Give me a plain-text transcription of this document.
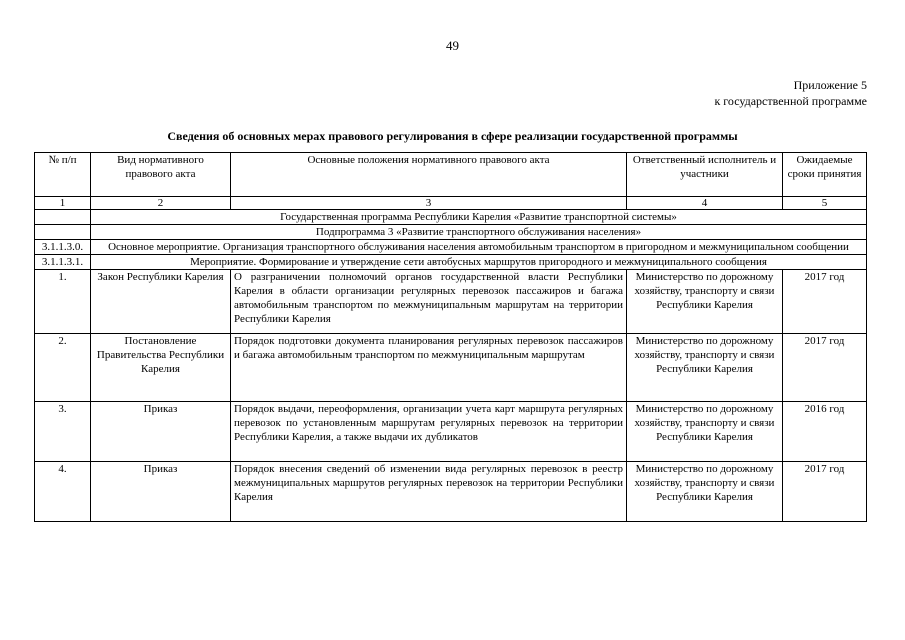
49
Приложение 5
к государственной программе
Сведения об основных мерах правового регулирования в сфере реализации государственной программы
№ п/п	Вид нормативного правового акта	Основные положения нормативного правового акта	Ответственный исполнитель и участники	Ожидаемые сроки принятия
1	2	3	4	5
	Государственная программа Республики Карелия «Развитие транспортной системы»			
	Подпрограмма 3 «Развитие транспортного обслуживания населения»			
3.1.1.3.0.	Основное мероприятие. Организация транспортного обслуживания населения автомобильным транспортом в пригородном и межмуниципальном сообщении			
3.1.1.3.1.	Мероприятие. Формирование и утверждение сети автобусных маршрутов пригородного и межмуниципального сообщения			
1.	Закон Республики Карелия	О разграничении полномочий органов государственной власти Республики Карелия в области организации регулярных перевозок пассажиров и багажа автомобильным транспортом по межмуниципальным маршрутам на территории Республики Карелия	Министерство по дорожному хозяйству, транспорту и связи Республики Карелия	2017 год
2.	Постановление Правительства Республики Карелия	Порядок подготовки документа планирования регулярных перевозок пассажиров и багажа автомобильным транспортом по межмуниципальным маршрутам	Министерство по дорожному хозяйству, транспорту и связи Республики Карелия	2017 год
3.	Приказ	Порядок выдачи, переоформления, организации учета карт маршрута регулярных перевозок по установленным маршрутам регулярных перевозок на территории Республики Карелия, а также выдачи их дубликатов	Министерство по дорожному хозяйству, транспорту и связи Республики Карелия	2016 год
4.	Приказ	Порядок внесения сведений об изменении вида регулярных перевозок в реестр межмуниципальных маршрутов регулярных перевозок на территории Республики Карелия	Министерство по дорожному хозяйству, транспорту и связи Республики Карелия	2017 год
